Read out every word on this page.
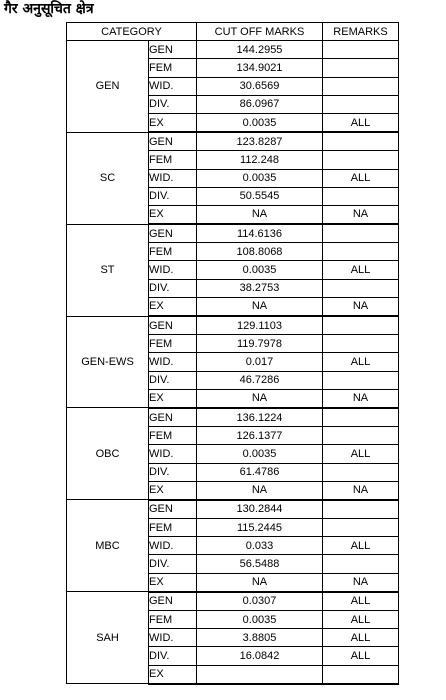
गैर अनुसूचित क्षेत्र
CATEGORY		CUT OFF MARKS	REMARKS
GEN	GEN	144.2955	
	FEM	134.9021	
	WID.	30.6569	
	DIV.	86.0967	
	EX	0.0035	ALL
SC	GEN	123.8287	
	FEM	112.248	
	WID.	0.0035	ALL
	DIV.	50.5545	
	EX	NA	NA
ST	GEN	114.6136	
	FEM	108.8068	
	WID.	0.0035	ALL
	DIV.	38.2753	
	EX	NA	NA
GEN-EWS	GEN	129.1103	
	FEM	119.7978	
	WID.	0.017	ALL
	DIV.	46.7286	
	EX	NA	NA
OBC	GEN	136.1224	
	FEM	126.1377	
	WID.	0.0035	ALL
	DIV.	61.4786	
	EX	NA	NA
MBC	GEN	130.2844	
	FEM	115.2445	
	WID.	0.033	ALL
	DIV.	56.5488	
	EX	NA	NA
SAH	GEN	0.0307	ALL
	FEM	0.0035	ALL
	WID.	3.8805	ALL
	DIV.	16.0842	ALL
	EX		
